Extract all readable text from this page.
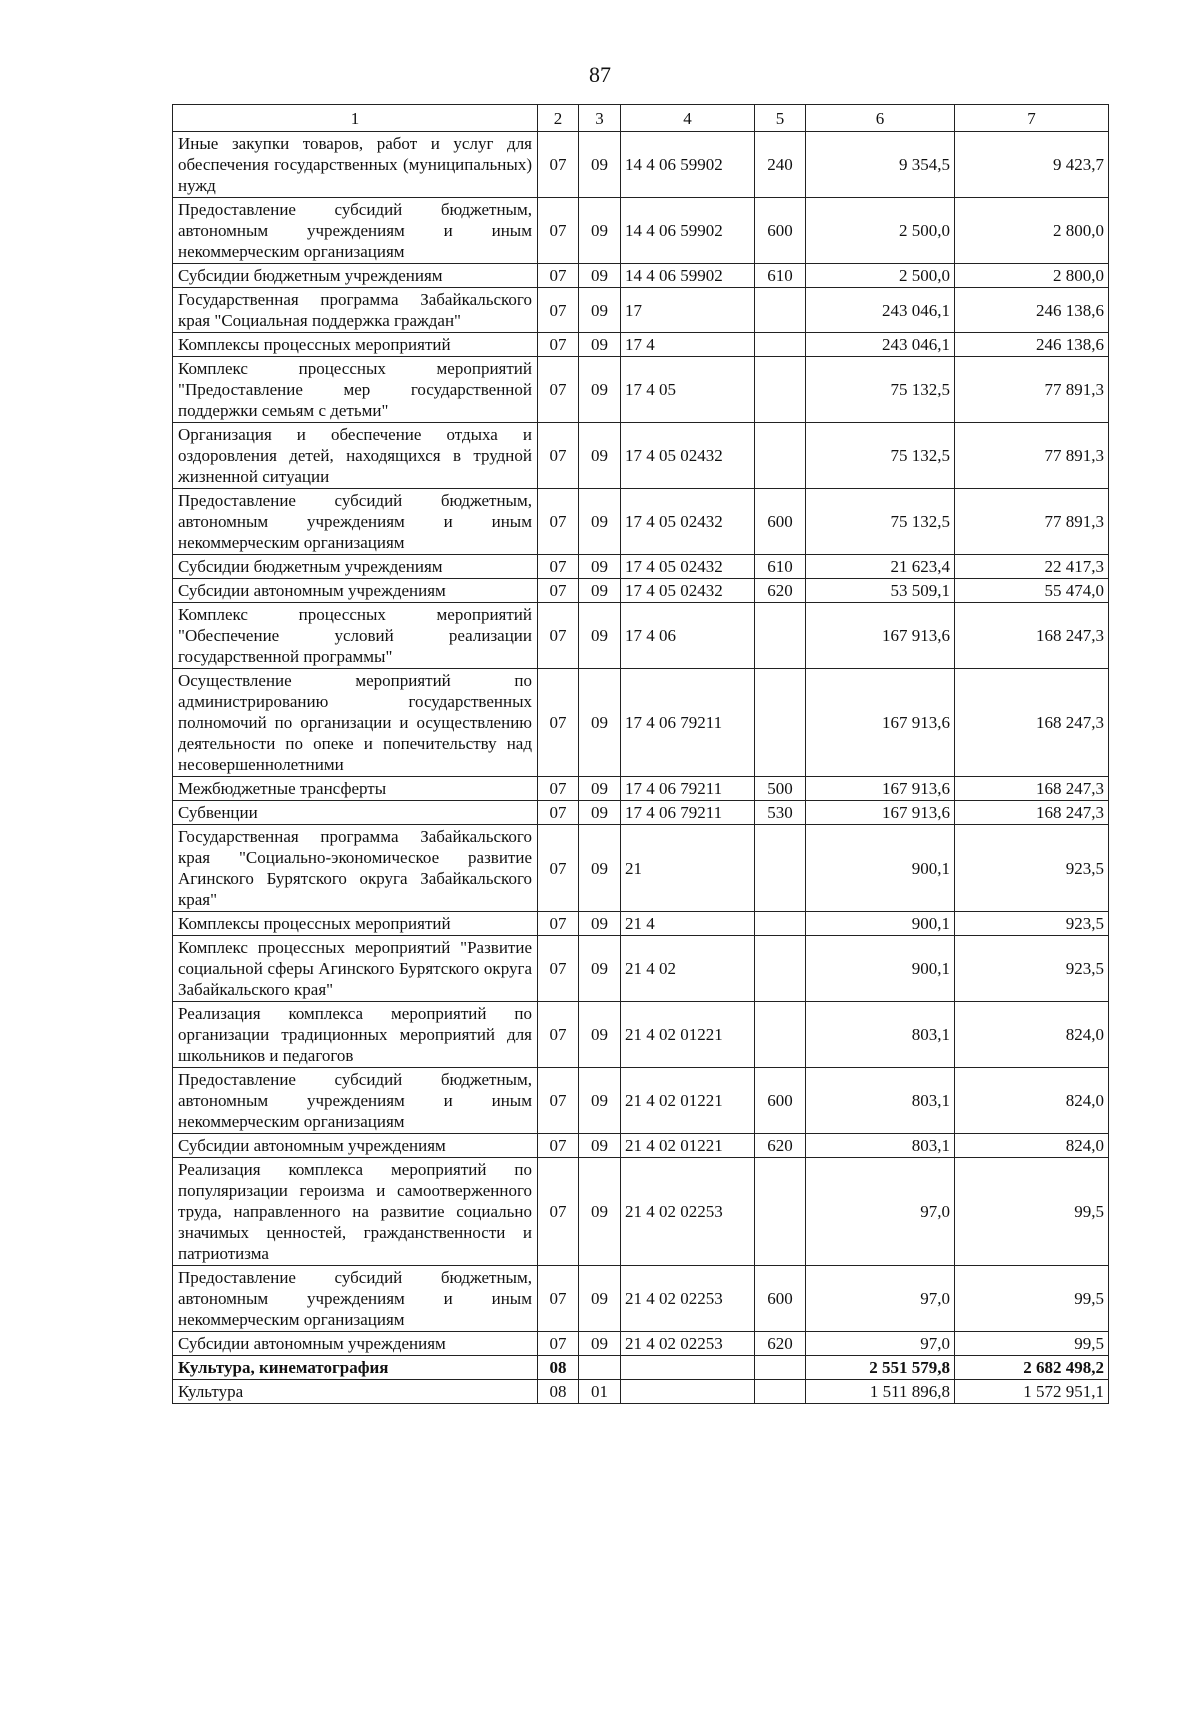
87
1	2	3	4	5	6	7
Иные закупки товаров, работ и услуг для обеспечения государственных (муниципальных) нужд	07	09	14 4 06 59902	240	9 354,5	9 423,7
Предоставление субсидий бюджетным, автономным учреждениям и иным некоммерческим организациям	07	09	14 4 06 59902	600	2 500,0	2 800,0
Субсидии бюджетным учреждениям	07	09	14 4 06 59902	610	2 500,0	2 800,0
Государственная программа Забайкальского края "Социальная поддержка граждан"	07	09	17		243 046,1	246 138,6
Комплексы процессных мероприятий	07	09	17 4		243 046,1	246 138,6
Комплекс процессных мероприятий "Предоставление мер государственной поддержки семьям с детьми"	07	09	17 4 05		75 132,5	77 891,3
Организация и обеспечение отдыха и оздоровления детей, находящихся в трудной жизненной ситуации	07	09	17 4 05 02432		75 132,5	77 891,3
Предоставление субсидий бюджетным, автономным учреждениям и иным некоммерческим организациям	07	09	17 4 05 02432	600	75 132,5	77 891,3
Субсидии бюджетным учреждениям	07	09	17 4 05 02432	610	21 623,4	22 417,3
Субсидии автономным учреждениям	07	09	17 4 05 02432	620	53 509,1	55 474,0
Комплекс процессных мероприятий "Обеспечение условий реализации государственной программы"	07	09	17 4 06		167 913,6	168 247,3
Осуществление мероприятий по администрированию государственных полномочий по организации и осуществлению деятельности по опеке и попечительству над несовершеннолетними	07	09	17 4 06 79211		167 913,6	168 247,3
Межбюджетные трансферты	07	09	17 4 06 79211	500	167 913,6	168 247,3
Субвенции	07	09	17 4 06 79211	530	167 913,6	168 247,3
Государственная программа Забайкальского края "Социально-экономическое развитие Агинского Бурятского округа Забайкальского края"	07	09	21		900,1	923,5
Комплексы процессных мероприятий	07	09	21 4		900,1	923,5
Комплекс процессных мероприятий "Развитие социальной сферы Агинского Бурятского округа Забайкальского края"	07	09	21 4 02		900,1	923,5
Реализация комплекса мероприятий по организации традиционных мероприятий для школьников и педагогов	07	09	21 4 02 01221		803,1	824,0
Предоставление субсидий бюджетным, автономным учреждениям и иным некоммерческим организациям	07	09	21 4 02 01221	600	803,1	824,0
Субсидии автономным учреждениям	07	09	21 4 02 01221	620	803,1	824,0
Реализация комплекса мероприятий по популяризации героизма и самоотверженного труда, направленного на развитие социально значимых ценностей, гражданственности и патриотизма	07	09	21 4 02 02253		97,0	99,5
Предоставление субсидий бюджетным, автономным учреждениям и иным некоммерческим организациям	07	09	21 4 02 02253	600	97,0	99,5
Субсидии автономным учреждениям	07	09	21 4 02 02253	620	97,0	99,5
Культура, кинематография	08				2 551 579,8	2 682 498,2
Культура	08	01			1 511 896,8	1 572 951,1
